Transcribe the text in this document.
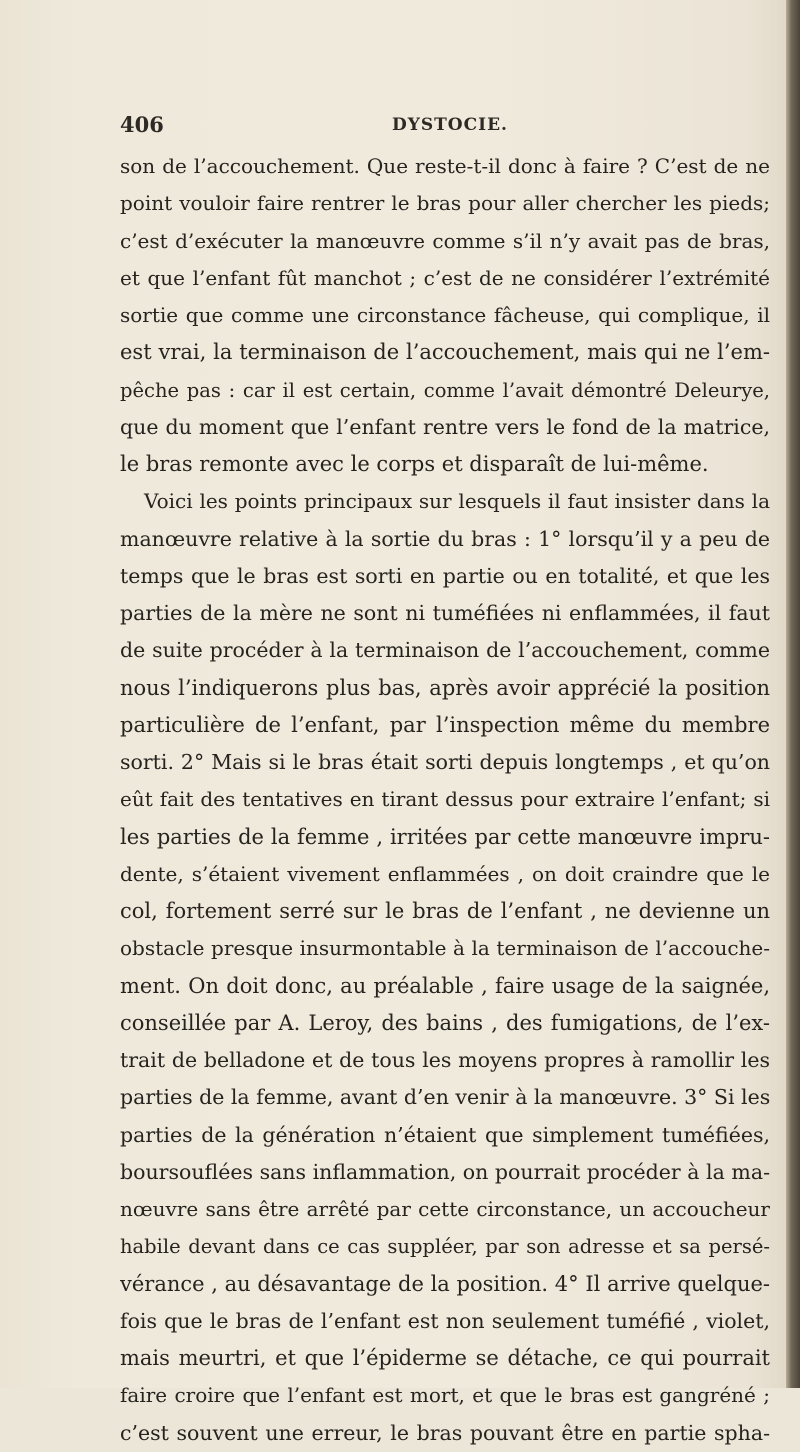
406	DYSTOCIE.
son de l’accouchement. Que reste-t-il donc à faire ? C’est de ne
point vouloir faire rentrer le bras pour aller chercher les pieds;
c’est d’exécuter la manœuvre comme s’il n’y avait pas de bras,
et que l’enfant fût manchot ; c’est de ne considérer l’extrémité
sortie que comme une circonstance fâcheuse, qui complique, il
est vrai, la terminaison de l’accouchement, mais qui ne l’em-
pêche pas : car il est certain, comme l’avait démontré Deleurye,
que du moment que l’enfant rentre vers le fond de la matrice,
le bras remonte avec le corps et disparaît de lui-même.
Voici les points principaux sur lesquels il faut insister dans la
manœuvre relative à la sortie du bras : 1° lorsqu’il y a peu de
temps que le bras est sorti en partie ou en totalité, et que les
parties de la mère ne sont ni tuméfiées ni enflammées, il faut
de suite procéder à la terminaison de l’accouchement, comme
nous l’indiquerons plus bas, après avoir apprécié la position
particulière de l’enfant, par l’inspection même du membre
sorti. 2° Mais si le bras était sorti depuis longtemps , et qu’on
eût fait des tentatives en tirant dessus pour extraire l’enfant; si
les parties de la femme , irritées par cette manœuvre impru-
dente, s’étaient vivement enflammées , on doit craindre que le
col, fortement serré sur le bras de l’enfant , ne devienne un
obstacle presque insurmontable à la terminaison de l’accouche-
ment. On doit donc, au préalable , faire usage de la saignée,
conseillée par A. Leroy, des bains , des fumigations, de l’ex-
trait de belladone et de tous les moyens propres à ramollir les
parties de la femme, avant d’en venir à la manœuvre. 3° Si les
parties de la génération n’étaient que simplement tuméfiées,
boursouflées sans inflammation, on pourrait procéder à la ma-
nœuvre sans être arrêté par cette circonstance, un accoucheur
habile devant dans ce cas suppléer, par son adresse et sa persé-
vérance , au désavantage de la position. 4° Il arrive quelque-
fois que le bras de l’enfant est non seulement tuméfié , violet,
mais meurtri, et que l’épiderme se détache, ce qui pourrait
faire croire que l’enfant est mort, et que le bras est gangréné ;
c’est souvent une erreur, le bras pouvant être en partie spha-
